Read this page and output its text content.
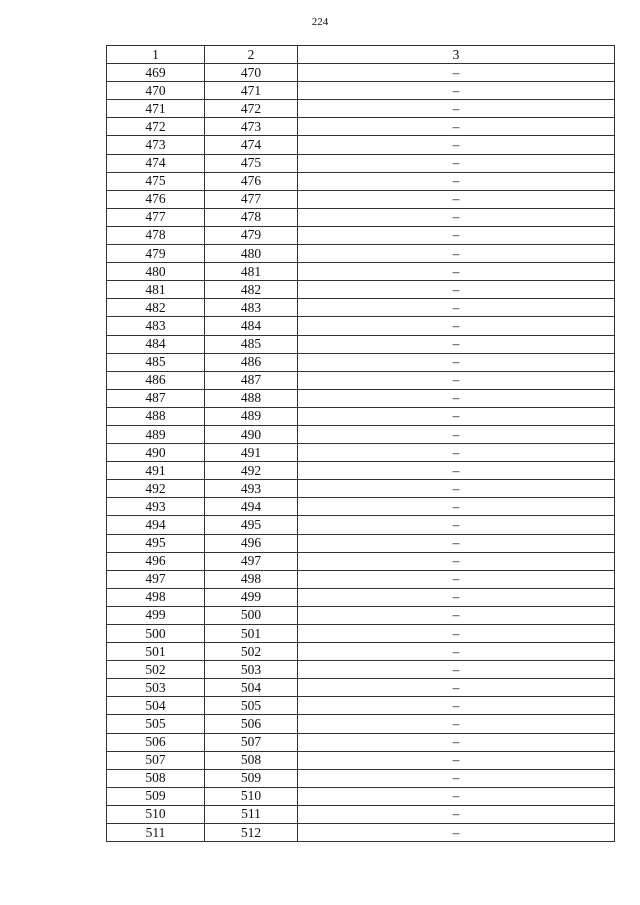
224
1	2	3
469	470	–
470	471	–
471	472	–
472	473	–
473	474	–
474	475	–
475	476	–
476	477	–
477	478	–
478	479	–
479	480	–
480	481	–
481	482	–
482	483	–
483	484	–
484	485	–
485	486	–
486	487	–
487	488	–
488	489	–
489	490	–
490	491	–
491	492	–
492	493	–
493	494	–
494	495	–
495	496	–
496	497	–
497	498	–
498	499	–
499	500	–
500	501	–
501	502	–
502	503	–
503	504	–
504	505	–
505	506	–
506	507	–
507	508	–
508	509	–
509	510	–
510	511	–
511	512	–
